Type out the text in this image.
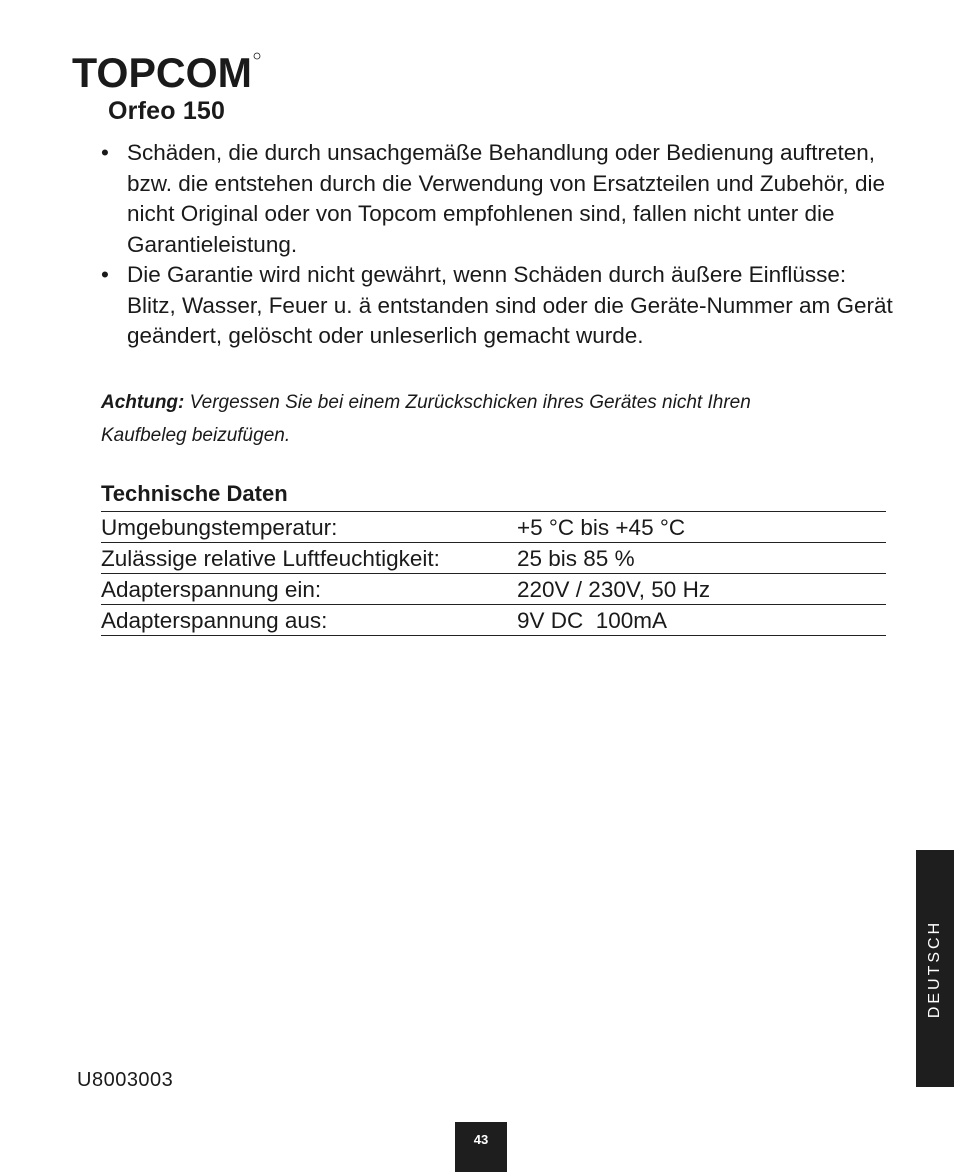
TOPCOM
Orfeo 150
• Schäden, die durch unsachgemäße Behandlung oder Bedienung auftreten, bzw. die entstehen durch die Verwendung von Ersatzteilen und Zubehör, die nicht Original oder von Topcom empfohlenen sind, fallen nicht unter die Garantieleistung.
• Die Garantie wird nicht gewährt, wenn Schäden durch äußere Einflüsse: Blitz, Wasser, Feuer u. ä entstanden sind oder die Geräte-Nummer am Gerät geändert, gelöscht oder unleserlich gemacht wurde.
Achtung: Vergessen Sie bei einem Zurückschicken ihres Gerätes nicht Ihren Kaufbeleg beizufügen.
Technische Daten
Umgebungstemperatur:	+5 °C bis +45 °C
Zulässige relative Luftfeuchtigkeit:	25 bis 85 %
Adapterspannung ein:	220V / 230V, 50 Hz
Adapterspannung aus:	9V DC  100mA
U8003003
DEUTSCH
43
